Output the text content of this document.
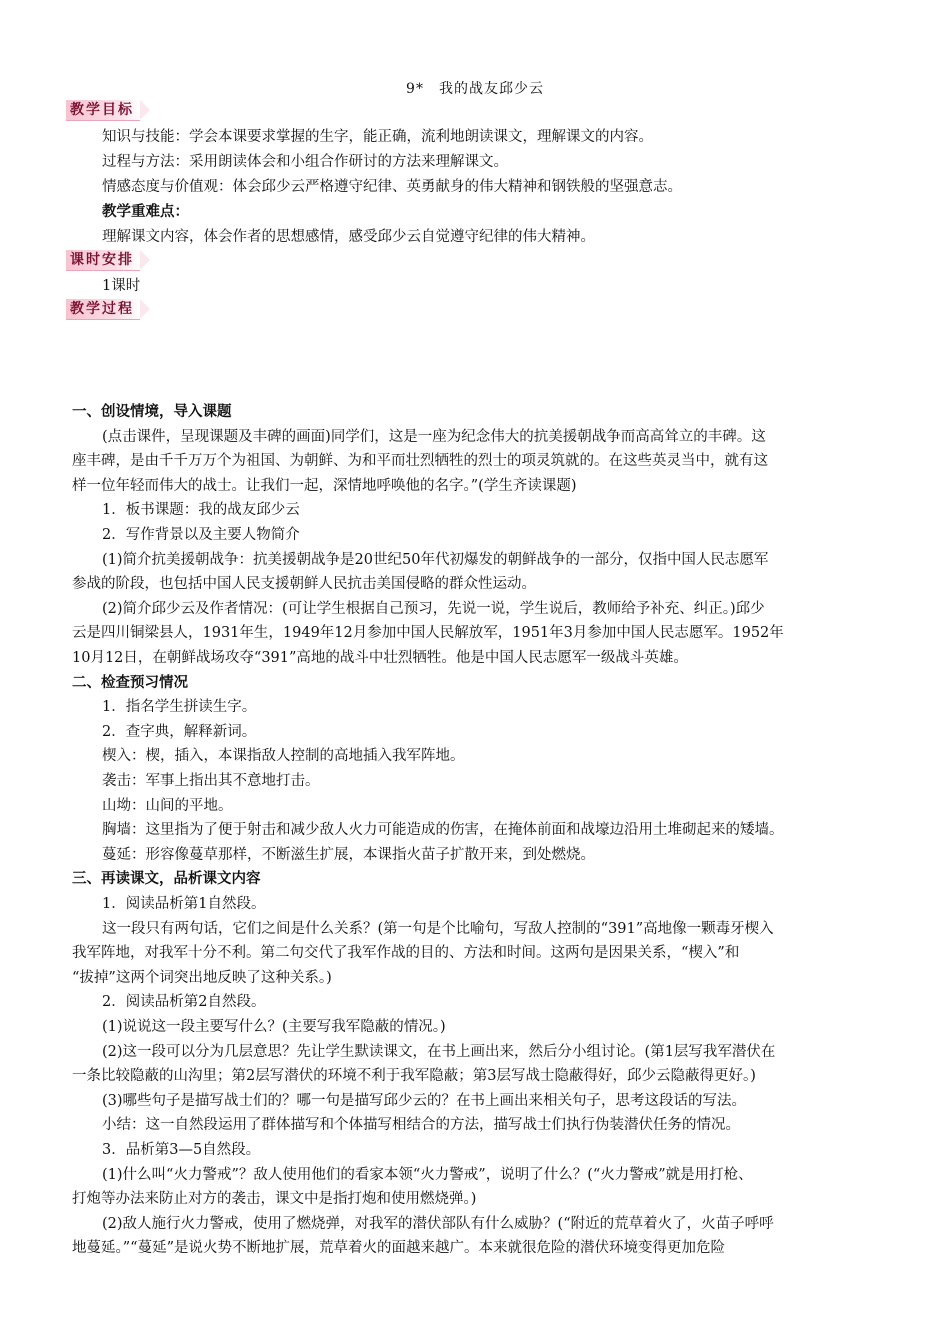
9*　我的战友邱少云
教学目标
知识与技能：学会本课要求掌握的生字，能正确，流利地朗读课文，理解课文的内容。
过程与方法：采用朗读体会和小组合作研讨的方法来理解课文。
情感态度与价值观：体会邱少云严格遵守纪律、英勇献身的伟大精神和钢铁般的坚强意志。
教学重难点：
理解课文内容，体会作者的思想感情，感受邱少云自觉遵守纪律的伟大精神。
课时安排
1课时
教学过程
一、创设情境，导入课题
(点击课件，呈现课题及丰碑的画面)同学们，这是一座为纪念伟大的抗美援朝战争而高高耸立的丰碑。这
座丰碑，是由千千万万个为祖国、为朝鲜、为和平而壮烈牺牲的烈士的项灵筑就的。在这些英灵当中，就有这
样一位年轻而伟大的战士。让我们一起，深情地呼唤他的名字。”(学生齐读课题)
1．板书课题：我的战友邱少云
2．写作背景以及主要人物简介
(1)简介抗美援朝战争：抗美援朝战争是20世纪50年代初爆发的朝鲜战争的一部分，仅指中国人民志愿军
参战的阶段，也包括中国人民支援朝鲜人民抗击美国侵略的群众性运动。
(2)简介邱少云及作者情况：(可让学生根据自己预习，先说一说，学生说后，教师给予补充、纠正。)邱少
云是四川铜梁县人，1931年生，1949年12月参加中国人民解放军，1951年3月参加中国人民志愿军。1952年
10月12日，在朝鲜战场攻夺“391”高地的战斗中壮烈牺牲。他是中国人民志愿军一级战斗英雄。
二、检查预习情况
1．指名学生拼读生字。
2．查字典，解释新词。
楔入：楔，插入，本课指敌人控制的高地插入我军阵地。
袭击：军事上指出其不意地打击。
山坳：山间的平地。
胸墙：这里指为了便于射击和减少敌人火力可能造成的伤害，在掩体前面和战壕边沿用土堆砌起来的矮墙。
蔓延：形容像蔓草那样，不断滋生扩展，本课指火苗子扩散开来，到处燃烧。
三、再读课文，品析课文内容
1．阅读品析第1自然段。
这一段只有两句话，它们之间是什么关系？(第一句是个比喻句，写敌人控制的“391”高地像一颗毒牙楔入
我军阵地，对我军十分不利。第二句交代了我军作战的目的、方法和时间。这两句是因果关系，“楔入”和
“拔掉”这两个词突出地反映了这种关系。)
2．阅读品析第2自然段。
(1)说说这一段主要写什么？(主要写我军隐蔽的情况。)
(2)这一段可以分为几层意思？先让学生默读课文，在书上画出来，然后分小组讨论。(第1层写我军潜伏在
一条比较隐蔽的山沟里；第2层写潜伏的环境不利于我军隐蔽；第3层写战士隐蔽得好，邱少云隐蔽得更好。)
(3)哪些句子是描写战士们的？哪一句是描写邱少云的？在书上画出来相关句子，思考这段话的写法。
小结：这一自然段运用了群体描写和个体描写相结合的方法，描写战士们执行伪装潜伏任务的情况。
3．品析第3—5自然段。
(1)什么叫“火力警戒”？敌人使用他们的看家本领“火力警戒”，说明了什么？(“火力警戒”就是用打枪、
打炮等办法来防止对方的袭击，课文中是指打炮和使用燃烧弹。)
(2)敌人施行火力警戒，使用了燃烧弹，对我军的潜伏部队有什么威胁？(“附近的荒草着火了，火苗子呼呼
地蔓延。”“蔓延”是说火势不断地扩展，荒草着火的面越来越广。本来就很危险的潜伏环境变得更加危险
